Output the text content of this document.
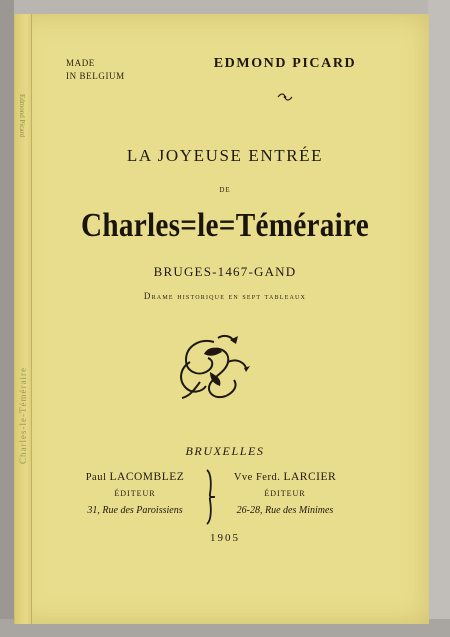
Edmond Picard
Charles-le-Téméraire
MADE
IN BELGIUM
EDMOND PICARD
LA JOYEUSE ENTRÉE
DE
Charles=le=Téméraire
BRUGES-1467-GAND
Drame historique en sept tableaux
BRUXELLES
Paul LACOMBLEZ
ÉDITEUR
31, Rue des Paroissiens
Vve Ferd. LARCIER
ÉDITEUR
26-28, Rue des Minimes
1905
